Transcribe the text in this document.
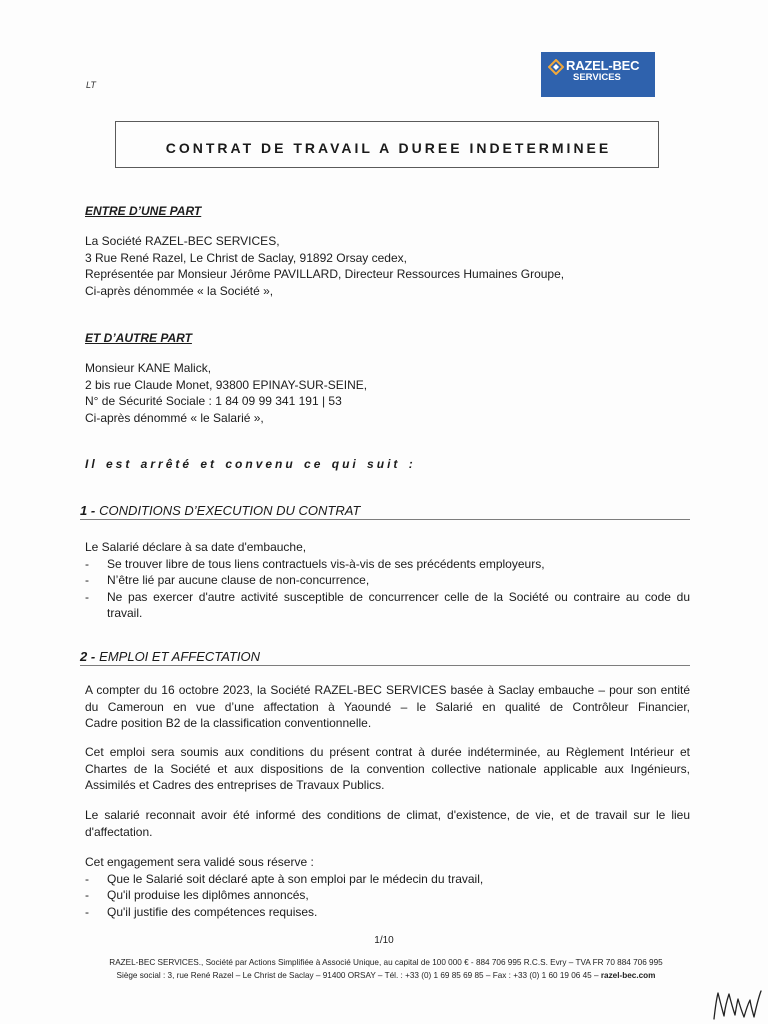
LT
RAZEL-BEC
SERVICES
CONTRAT DE TRAVAIL A DUREE INDETERMINEE
ENTRE D’UNE PART
La Société RAZEL-BEC SERVICES,
3 Rue René Razel, Le Christ de Saclay, 91892 Orsay cedex,
Représentée par Monsieur Jérôme PAVILLARD, Directeur Ressources Humaines Groupe,
Ci-après dénommée « la Société »,
ET D’AUTRE PART
Monsieur KANE Malick,
2 bis rue Claude Monet, 93800 EPINAY-SUR-SEINE,
N° de Sécurité Sociale : 1 84 09 99 341 191 | 53
Ci-après dénommé « le Salarié »,
Il est arrêté et convenu ce qui suit :
1 - CONDITIONS D’EXECUTION DU CONTRAT
Le Salarié déclare à sa date d'embauche,
- Se trouver libre de tous liens contractuels vis-à-vis de ses précédents employeurs,
- N’être lié par aucune clause de non-concurrence,
- Ne pas exercer d'autre activité susceptible de concurrencer celle de la Société ou contraire au code du
travail.
2 - EMPLOI ET AFFECTATION
A compter du 16 octobre 2023, la Société RAZEL-BEC SERVICES basée à Saclay embauche – pour son entité
du Cameroun en vue d’une affectation à Yaoundé – le Salarié en qualité de Contrôleur Financier,
Cadre position B2 de la classification conventionnelle.
Cet emploi sera soumis aux conditions du présent contrat à durée indéterminée, au Règlement Intérieur et
Chartes de la Société et aux dispositions de la convention collective nationale applicable aux Ingénieurs,
Assimilés et Cadres des entreprises de Travaux Publics.
Le salarié reconnait avoir été informé des conditions de climat, d'existence, de vie, et de travail sur le lieu
d'affectation.
Cet engagement sera validé sous réserve :
- Que le Salarié soit déclaré apte à son emploi par le médecin du travail,
- Qu'il produise les diplômes annoncés,
- Qu'il justifie des compétences requises.
1/10
RAZEL-BEC SERVICES., Société par Actions Simplifiée à Associé Unique, au capital de 100 000 € - 884 706 995 R.C.S. Evry – TVA FR 70 884 706 995
Siège social : 3, rue René Razel – Le Christ de Saclay – 91400 ORSAY – Tél. : +33 (0) 1 69 85 69 85 – Fax : +33 (0) 1 60 19 06 45 – razel-bec.com
